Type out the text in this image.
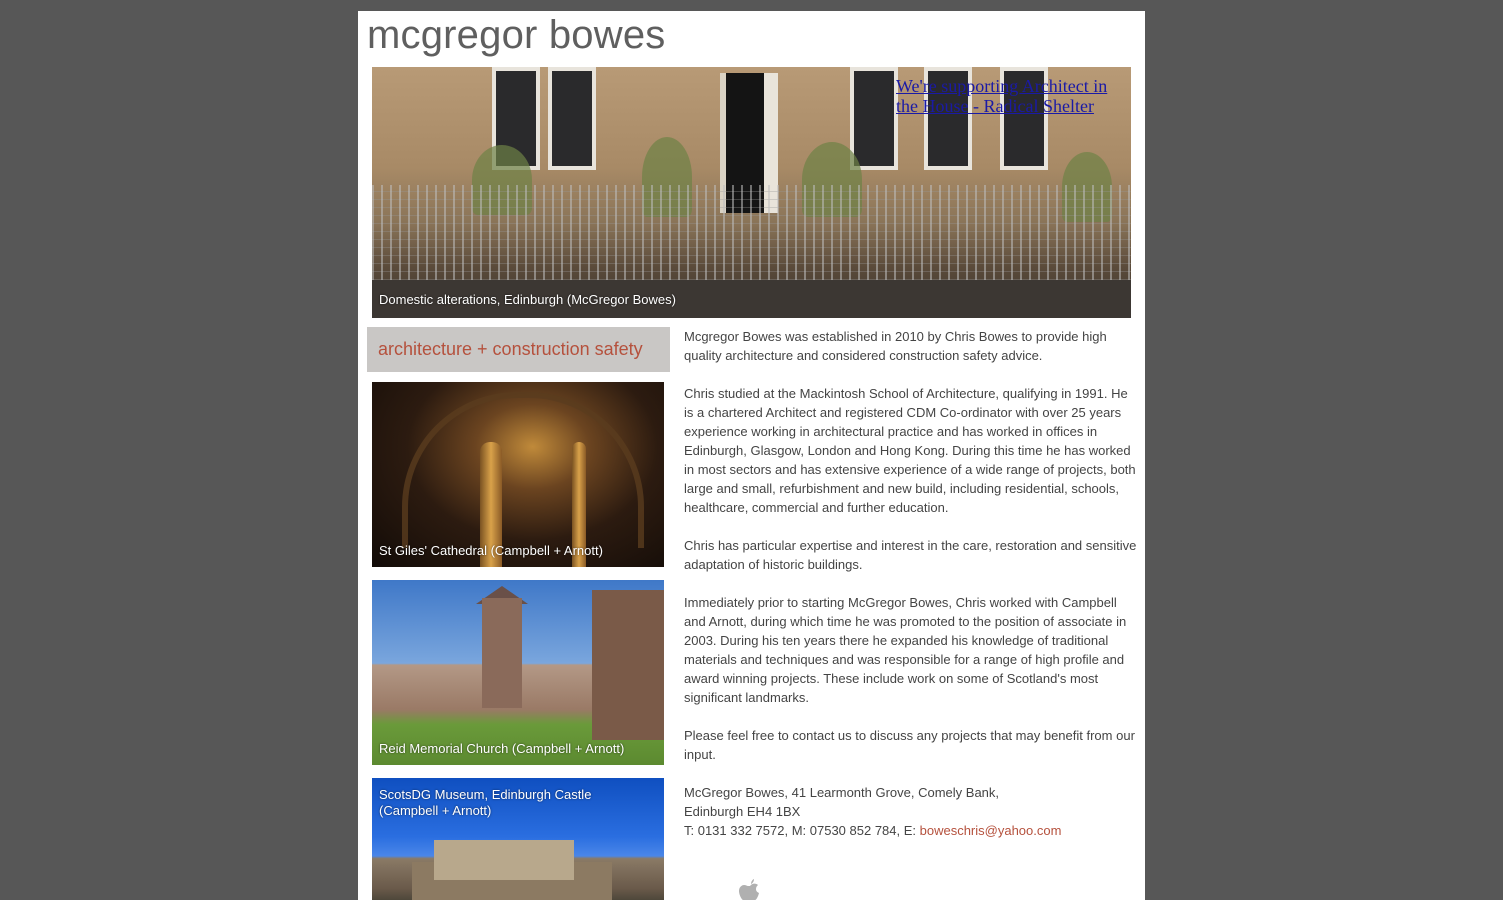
mcgregor bowes
We're supporting Architect in the House - Radical Shelter
Domestic alterations, Edinburgh (McGregor Bowes)
architecture + construction safety
St Giles' Cathedral (Campbell + Arnott)
Reid Memorial Church (Campbell + Arnott)
ScotsDG Museum, Edinburgh Castle
(Campbell + Arnott)

Mcgregor Bowes was established in 2010 by Chris Bowes to provide high quality architecture and considered construction safety advice.

Chris studied at the Mackintosh School of Architecture, qualifying in 1991. He is a chartered Architect and registered CDM Co-ordinator with over 25 years experience working in architectural practice and has worked in offices in Edinburgh, Glasgow, London and Hong Kong. During this time he has worked in most sectors and has extensive experience of a wide range of projects, both large and small, refurbishment and new build, including residential, schools, healthcare, commercial and further education.

Chris has particular expertise and interest in the care, restoration and sensitive adaptation of historic buildings.

Immediately prior to starting McGregor Bowes, Chris worked with Campbell and Arnott, during which time he was promoted to the position of associate in 2003. During his ten years there he expanded his knowledge of traditional materials and techniques and was responsible for a range of high profile and award winning projects. These include work on some of Scotland's most significant landmarks.

Please feel free to contact us to discuss any projects that may benefit from our input.

McGregor Bowes, 41 Learmonth Grove, Comely Bank,
Edinburgh EH4 1BX
T: 0131 332 7572, M: 07530 852 784, E: boweschris@yahoo.com
